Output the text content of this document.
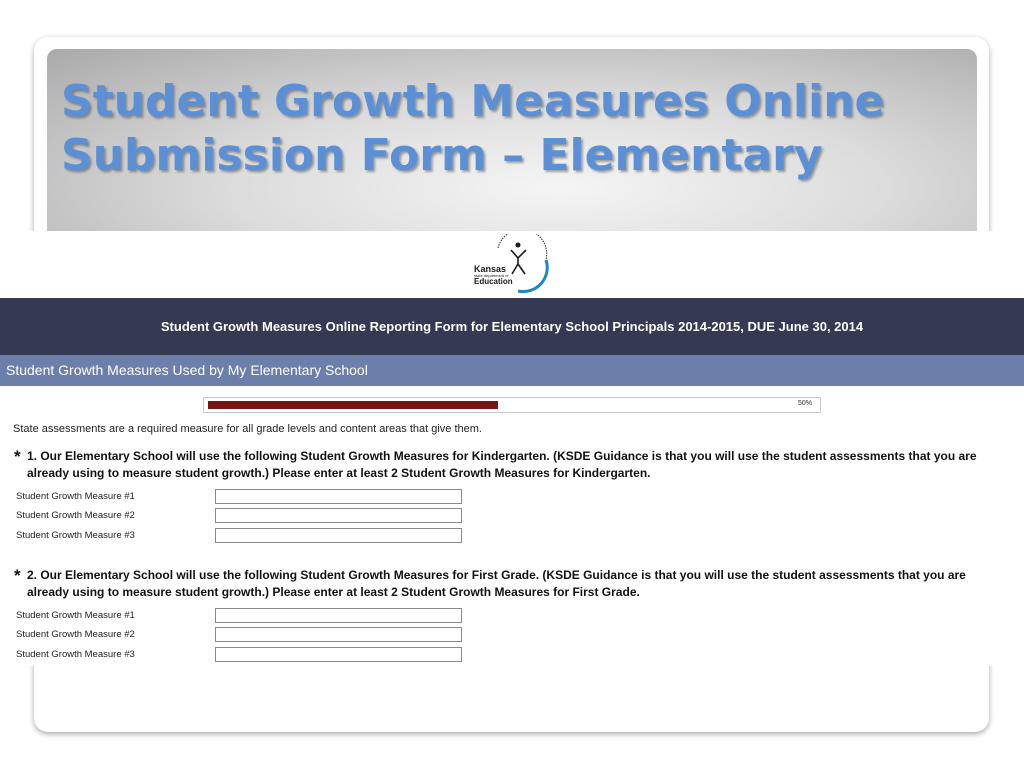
Student Growth Measures Online
Submission Form – Elementary
Kansas
state department of
Education
Student Growth Measures Online Reporting Form for Elementary School Principals 2014-2015, DUE June 30, 2014
Student Growth Measures Used by My Elementary School
50%
State assessments are a required measure for all grade levels and content areas that give them.
* 1. Our Elementary School will use the following Student Growth Measures for Kindergarten. (KSDE Guidance is that you will use the student assessments that you are
already using to measure student growth.) Please enter at least 2 Student Growth Measures for Kindergarten.
Student Growth Measure #1
Student Growth Measure #2
Student Growth Measure #3
* 2. Our Elementary School will use the following Student Growth Measures for First Grade. (KSDE Guidance is that you will use the student assessments that you are
already using to measure student growth.) Please enter at least 2 Student Growth Measures for First Grade.
Student Growth Measure #1
Student Growth Measure #2
Student Growth Measure #3
